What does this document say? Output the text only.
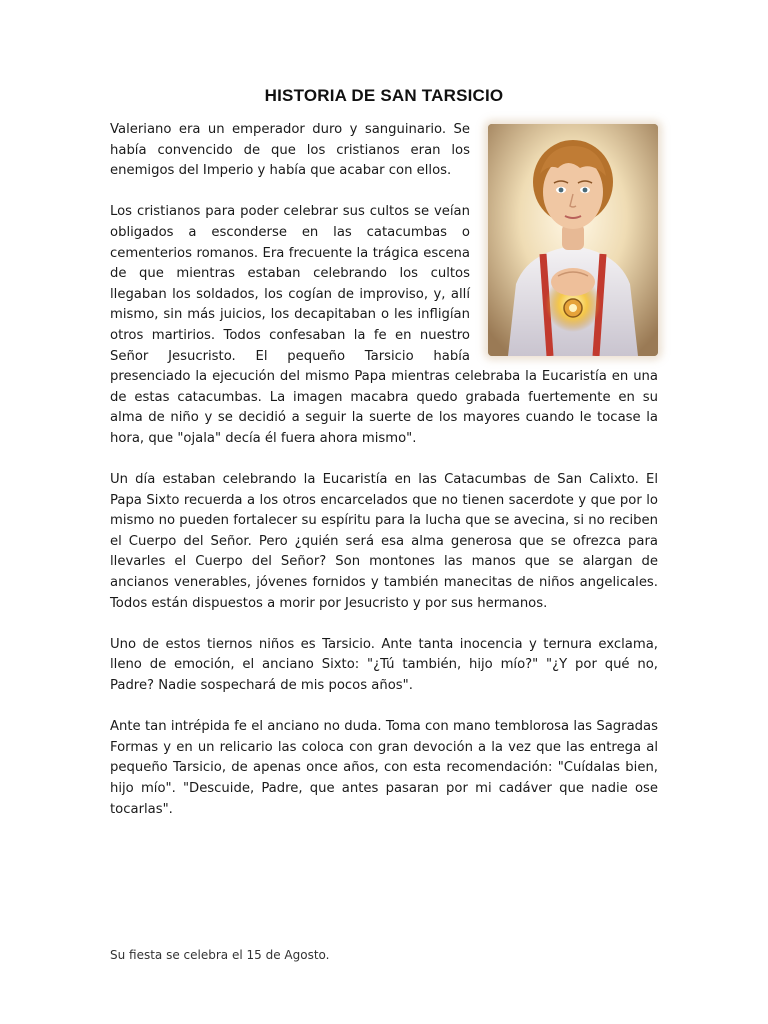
HISTORIA DE SAN TARSICIO

Valeriano era un emperador duro y sanguinario. Se había convencido de que los cristianos eran los enemigos del Imperio y había que acabar con ellos.

Los cristianos para poder celebrar sus cultos se veían obligados a esconderse en las catacumbas o cementerios romanos. Era frecuente la trágica escena de que mientras estaban celebrando los cultos llegaban los soldados, los cogían de improviso, y, allí mismo, sin más juicios, los decapitaban o les infligían otros martirios. Todos confesaban la fe en nuestro Señor Jesucristo. El pequeño Tarsicio había presenciado la ejecución del mismo Papa mientras celebraba la Eucaristía en una de estas catacumbas. La imagen macabra quedo grabada fuertemente en su alma de niño y se decidió a seguir la suerte de los mayores cuando le tocase la hora, que "ojala" decía él fuera ahora mismo".

Un día estaban celebrando la Eucaristía en las Catacumbas de San Calixto. El Papa Sixto recuerda a los otros encarcelados que no tienen sacerdote y que por lo mismo no pueden fortalecer su espíritu para la lucha que se avecina, si no reciben el Cuerpo del Señor. Pero ¿quién será esa alma generosa que se ofrezca para llevarles el Cuerpo del Señor? Son montones las manos que se alargan de ancianos venerables, jóvenes fornidos y también manecitas de niños angelicales. Todos están dispuestos a morir por Jesucristo y por sus hermanos.

Uno de estos tiernos niños es Tarsicio. Ante tanta inocencia y ternura exclama, lleno de emoción, el anciano Sixto: "¿Tú también, hijo mío?" "¿Y por qué no, Padre? Nadie sospechará de mis pocos años".

Ante tan intrépida fe el anciano no duda. Toma con mano temblorosa las Sagradas Formas y en un relicario las coloca con gran devoción a la vez que las entrega al pequeño Tarsicio, de apenas once años, con esta recomendación: "Cuídalas bien, hijo mío". "Descuide, Padre, que antes pasaran por mi cadáver que nadie ose tocarlas".

Su fiesta se celebra el 15 de Agosto.
